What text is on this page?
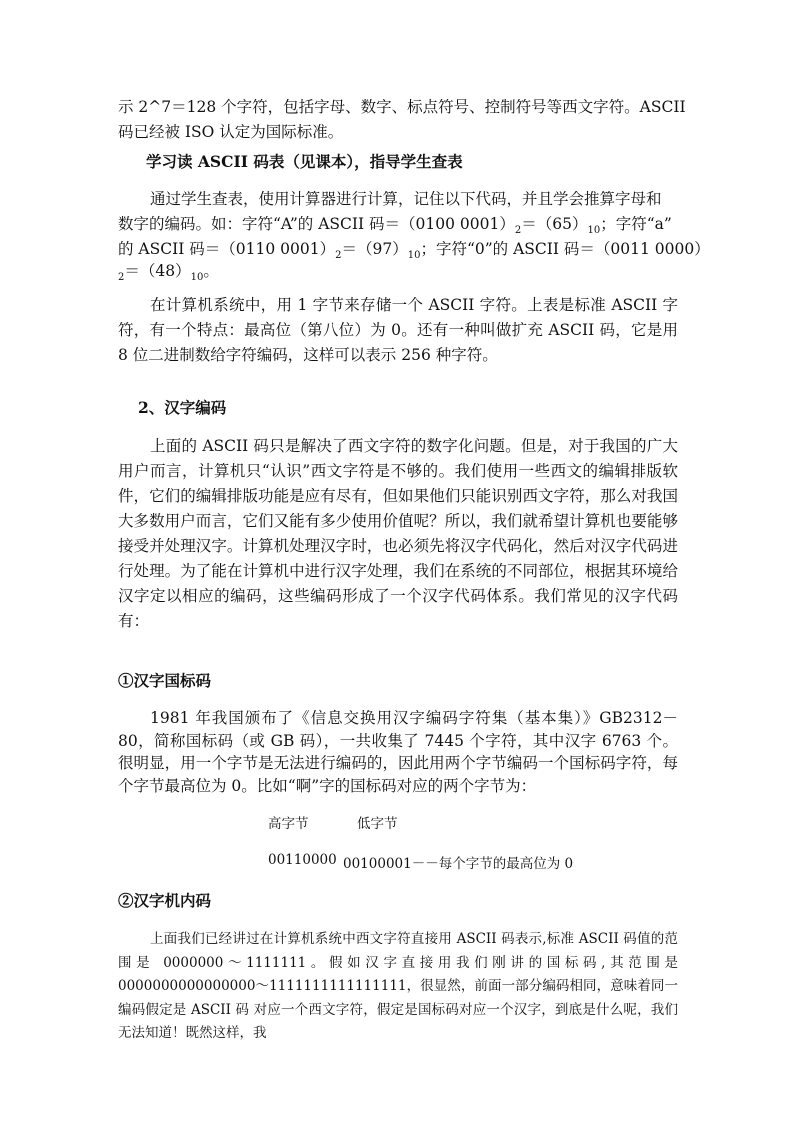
示 2^7＝128 个字符，包括字母、数字、标点符号、控制符号等西文字符。ASCII
码已经被 ISO 认定为国际标准。
学习读 ASCII 码表（见课本），指导学生查表
通过学生查表，使用计算器进行计算，记住以下代码，并且学会推算字母和
数字的编码。如：字符“A”的 ASCII 码＝（0100 $0001)_2=(65)_{10}$；字符“a”
的 ASCII 码＝（0110 $0001)_2=(97)_{10}$；字符“0”的 ASCII 码＝（0011 0000）
$_2=(48)_{10}$。

在计算机系统中，用 1 字节来存储一个 ASCII 字符。上表是标准 ASCII 字符，有一个特点：最高位（第八位）为 0。还有一种叫做扩充 ASCII 码，它是用 8 位二进制数给字符编码，这样可以表示 256 种字符。

2、汉字编码

上面的 ASCII 码只是解决了西文字符的数字化问题。但是，对于我国的广大用户而言，计算机只“认识”西文字符是不够的。我们使用一些西文的编辑排版软件，它们的编辑排版功能是应有尽有，但如果他们只能识别西文字符，那么对我国大多数用户而言，它们又能有多少使用价值呢？所以，我们就希望计算机也要能够接受并处理汉字。计算机处理汉字时，也必须先将汉字代码化，然后对汉字代码进行处理。为了能在计算机中进行汉字处理，我们在系统的不同部位，根据其环境给汉字定以相应的编码，这些编码形成了一个汉字代码体系。我们常见的汉字代码有：

①汉字国标码

1981 年我国颁布了《信息交换用汉字编码字符集（基本集）》GB2312－80，简称国标码（或 GB 码），一共收集了 7445 个字符，其中汉字 6763 个。很明显，用一个字节是无法进行编码的，因此用两个字节编码一个国标码字符，每个字节最高位为 0。比如“啊”字的国标码对应的两个字节为：

高字节	低字节
00110000 00100001－－每个字节的最高位为 0
②汉字机内码

上面我们已经讲过在计算机系统中西文字符直接用 ASCII 码表示,标准 ASCII 码值的范围是 0000000～1111111。假如汉字直接用我们刚讲的国标码,其范围是 0000000000000000～1111111111111111，很显然，前面一部分编码相同，意味着同一编码假定是 ASCII 码 对应一个西文字符，假定是国标码对应一个汉字，到底是什么呢，我们无法知道！既然这样，我
